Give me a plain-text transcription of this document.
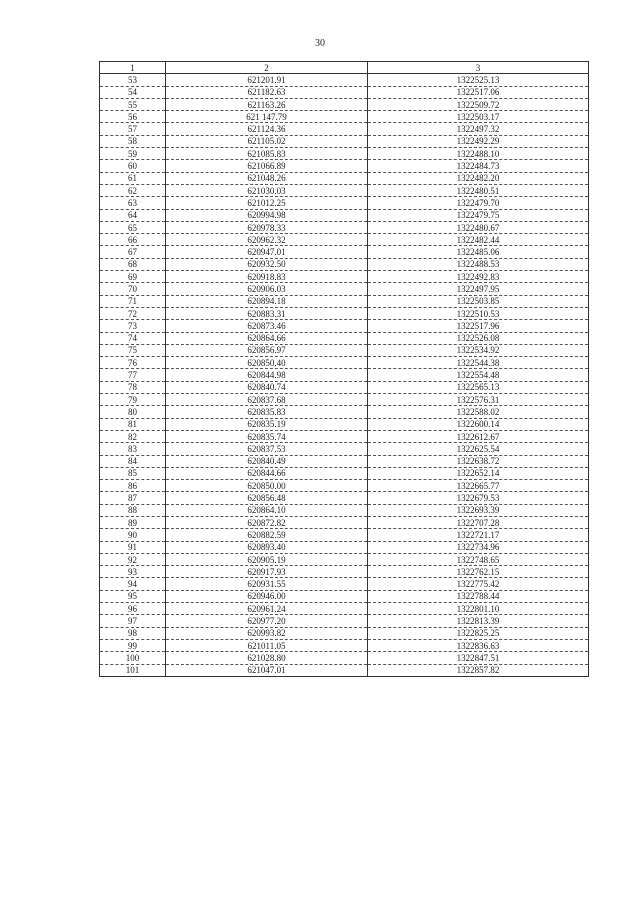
30
1	2	3
53	621201.91	1322525.13
54	621182.63	1322517.06
55	621163.26	1322509.72
56	621 147.79	1322503.17
57	621124.36	1322497.32
58	621105.02	1322492.29
59	621085.83	1322488.10
60	621066.89	1322484.73
61	621048.26	1322482.20
62	621030.03	1322480.51
63	621012.25	1322479.70
64	620994.98	1322479.75
65	620978.33	1322480.67
66	620962.32	1322482.44
67	620947.01	1322485.06
68	620932.50	1322488.53
69	620918.83	1322492.83
70	620906.03	1322497.95
71	620894.18	1322503.85
72	620883.31	1322510.53
73	620873.46	1322517.96
74	620864.66	1322526.08
75	620856.97	1322534.92
76	620850.40	1322544.38
77	620844.98	1322554.48
78	620840.74	1322565.13
79	620837.68	1322576.31
80	620835.83	1322588.02
81	620835.19	1322600.14
82	620835.74	1322612.67
83	620837.53	1322625.54
84	620840.49	1322638.72
85	620844.66	1322652.14
86	620850.00	1322665.77
87	620856.48	1322679.53
88	620864.10	1322693.39
89	620872.82	1322707.28
90	620882.59	1322721.17
91	620893.40	1322734.96
92	620905.19	1322748.65
93	620917.93	1322762.15
94	620931.55	1322775.42
95	620946.00	1322788.44
96	620961.24	1322801.10
97	620977.20	1322813.39
98	620993.82	1322825.25
99	621011.05	1322836.63
100	621028.80	1322847.51
101	621047.01	1322857.82
